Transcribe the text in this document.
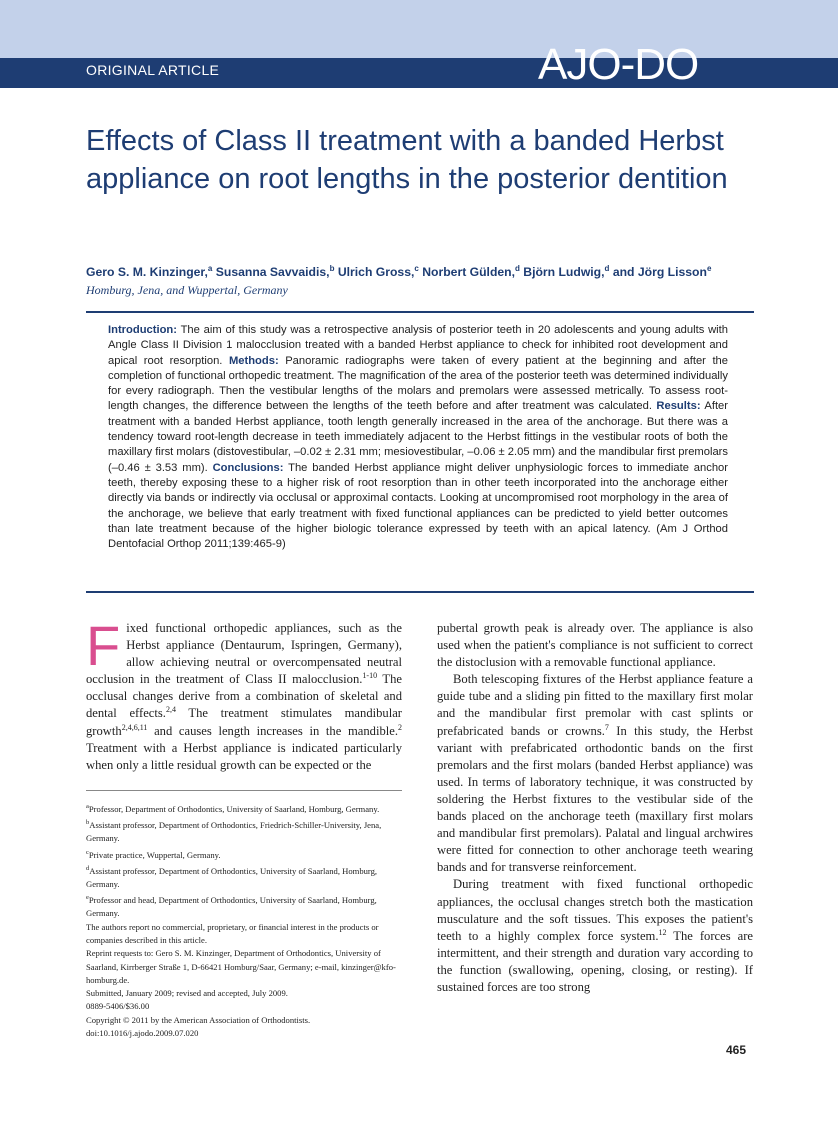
ORIGINAL ARTICLE	AJO-DO
Effects of Class II treatment with a banded Herbst appliance on root lengths in the posterior dentition
Gero S. M. Kinzinger,$^a$ Susanna Savvaidis,$^b$ Ulrich Gross,$^c$ Norbert Gülden,$^d$ Björn Ludwig,$^d$ and Jörg Lisson$^e$
Homburg, Jena, and Wuppertal, Germany
Introduction: The aim of this study was a retrospective analysis of posterior teeth in 20 adolescents and young adults with Angle Class II Division 1 malocclusion treated with a banded Herbst appliance to check for inhibited root development and apical root resorption. Methods: Panoramic radiographs were taken of every patient at the beginning and after the completion of functional orthopedic treatment. The magnification of the area of the posterior teeth was determined individually for every radiograph. Then the vestibular lengths of the molars and premolars were assessed metrically. To assess root-length changes, the difference between the lengths of the teeth before and after treatment was calculated. Results: After treatment with a banded Herbst appliance, tooth length generally increased in the area of the anchorage. But there was a tendency toward root-length decrease in teeth immediately adjacent to the Herbst fittings in the vestibular roots of both the maxillary first molars (distovestibular, –0.02 ± 2.31 mm; mesiovestibular, –0.06 ± 2.05 mm) and the mandibular first premolars (–0.46 ± 3.53 mm). Conclusions: The banded Herbst appliance might deliver unphysiologic forces to immediate anchor teeth, thereby exposing these to a higher risk of root resorption than in other teeth incorporated into the anchorage either directly via bands or indirectly via occlusal or approximal contacts. Looking at uncompromised root morphology in the area of the anchorage, we believe that early treatment with fixed functional appliances can be predicted to yield better outcomes than late treatment because of the higher biologic tolerance expressed by teeth with an apical latency. (Am J Orthod Dentofacial Orthop 2011;139:465-9)

Fixed functional orthopedic appliances, such as the Herbst appliance (Dentaurum, Ispringen, Germany), allow achieving neutral or overcompensated neutral occlusion in the treatment of Class II malocclusion.$^{1-10}$ The occlusal changes derive from a combination of skeletal and dental effects.$^{2,4}$ The treatment stimulates mandibular growth$^{2,4,6,11}$ and causes length increases in the mandible.$^2$ Treatment with a Herbst appliance is indicated particularly when only a little residual growth can be expected or the

$^a$Professor, Department of Orthodontics, University of Saarland, Homburg, Germany.
$^b$Assistant professor, Department of Orthodontics, Friedrich-Schiller-University, Jena, Germany.
$^c$Private practice, Wuppertal, Germany.
$^d$Assistant professor, Department of Orthodontics, University of Saarland, Homburg, Germany.
$^e$Professor and head, Department of Orthodontics, University of Saarland, Homburg, Germany.
The authors report no commercial, proprietary, or financial interest in the products or companies described in this article.
Reprint requests to: Gero S. M. Kinzinger, Department of Orthodontics, University of Saarland, Kirrberger Straße 1, D-66421 Homburg/Saar, Germany; e-mail, kinzinger@kfo-homburg.de.
Submitted, January 2009; revised and accepted, July 2009.
0889-5406/$36.00
Copyright © 2011 by the American Association of Orthodontists.
doi:10.1016/j.ajodo.2009.07.020

pubertal growth peak is already over. The appliance is also used when the patient's compliance is not sufficient to correct the distoclusion with a removable functional appliance.

Both telescoping fixtures of the Herbst appliance feature a guide tube and a sliding pin fitted to the maxillary first molar and the mandibular first premolar with cast splints or prefabricated bands or crowns.$^7$ In this study, the Herbst variant with prefabricated orthodontic bands on the first premolars and the first molars (banded Herbst appliance) was used. In terms of laboratory technique, it was constructed by soldering the Herbst fixtures to the vestibular side of the bands placed on the anchorage teeth (maxillary first molars and mandibular first premolars). Palatal and lingual archwires were fitted for connection to other anchorage teeth wearing bands and for transverse reinforcement.

During treatment with fixed functional orthopedic appliances, the occlusal changes stretch both the mastication musculature and the soft tissues. This exposes the patient's teeth to a highly complex force system.$^{12}$ The forces are intermittent, and their strength and duration vary according to the function (swallowing, opening, closing, or resting). If sustained forces are too strong

465
